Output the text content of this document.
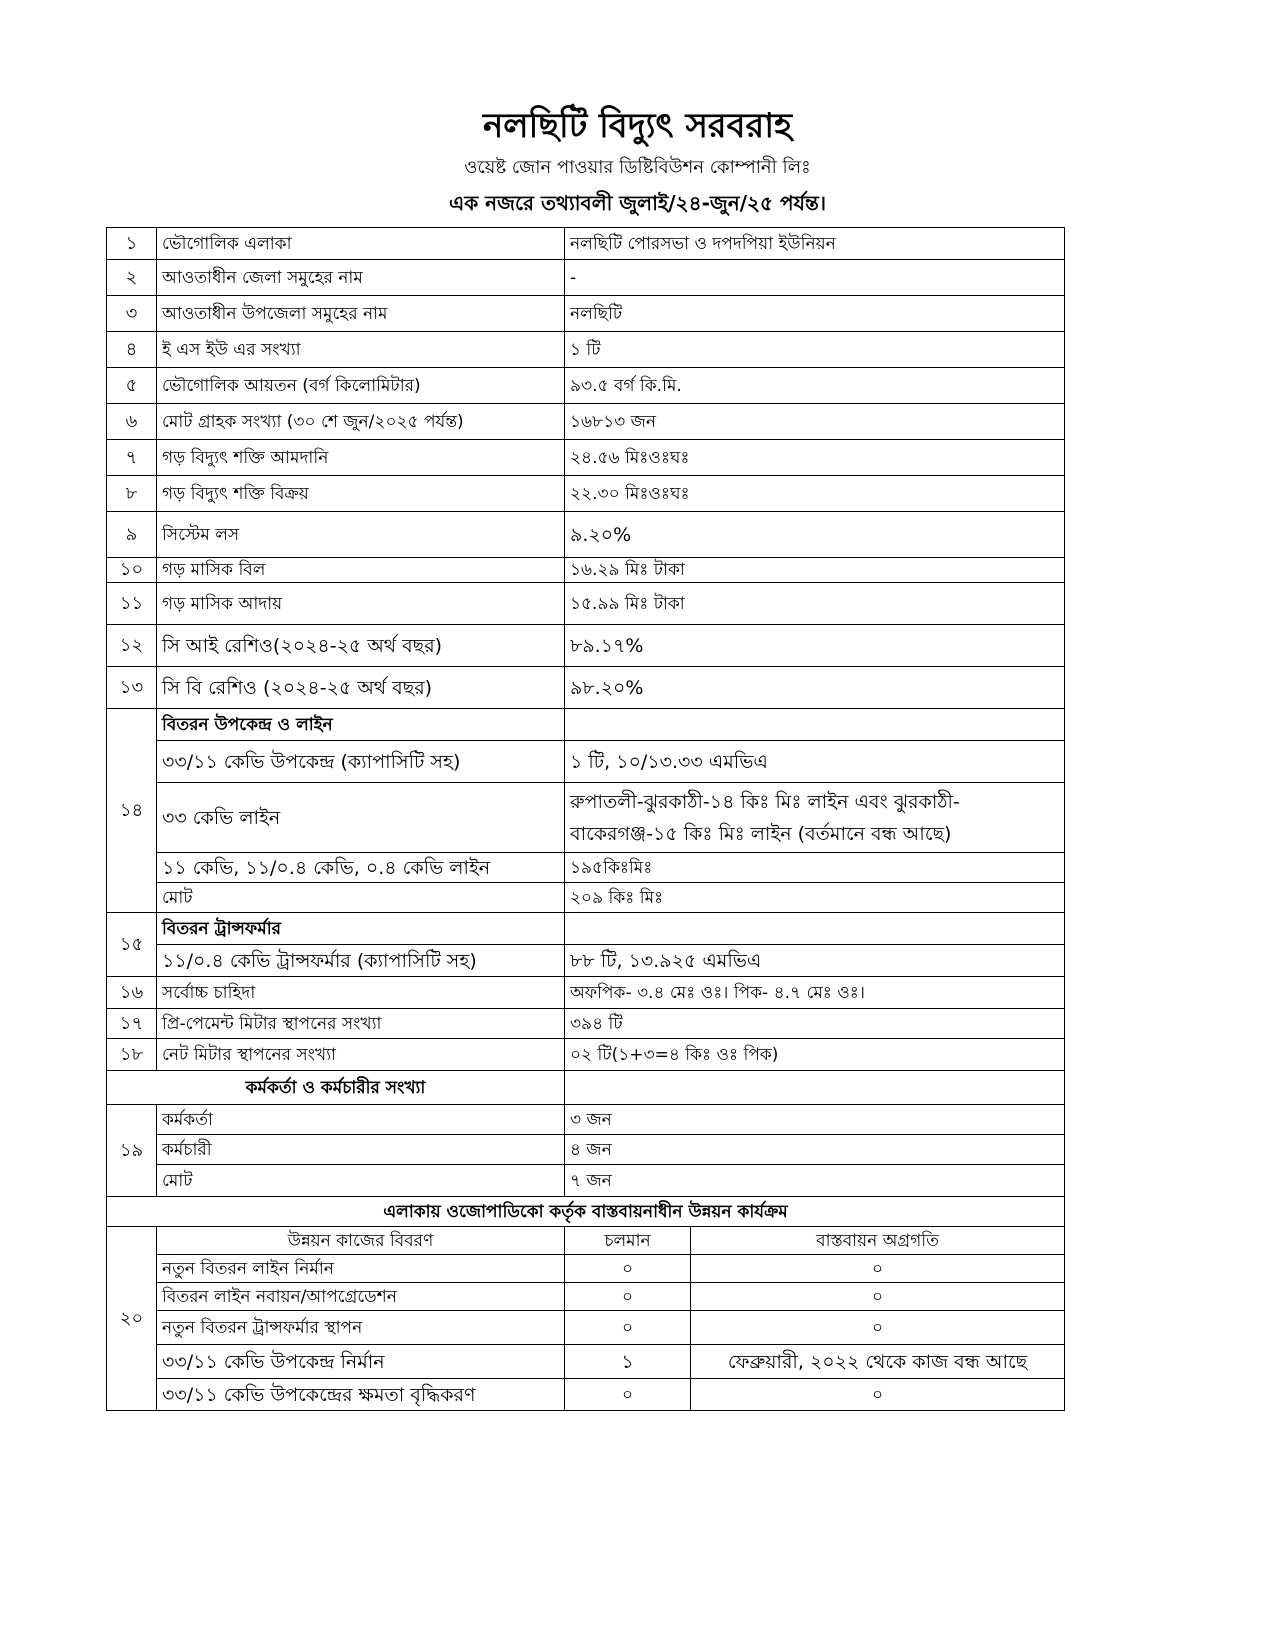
নলছিটি বিদ্যুৎ সরবরাহ
ওয়েষ্ট জোন পাওয়ার ডিষ্টিবিউশন কোম্পানী লিঃ
এক নজরে তথ্যাবলী জুলাই/২৪-জুন/২৫ পর্যন্ত।
১	ভৌগোলিক এলাকা	নলছিটি পোরসভা ও দপদপিয়া ইউনিয়ন	
২	আওতাধীন জেলা সমুহের নাম	-	
৩	আওতাধীন উপজেলা সমুহের নাম	নলছিটি	
৪	ই এস ইউ এর সংখ্যা	১ টি	
৫	ভৌগোলিক আয়তন (বর্গ কিলোমিটার)	৯৩.৫ বর্গ কি.মি.	
৬	মোট গ্রাহক সংখ্যা (৩০ শে জুন/২০২৫ পর্যন্ত)	১৬৮১৩ জন	
৭	গড় বিদ্যুৎ শক্তি আমদানি	২৪.৫৬ মিঃওঃঘঃ	
৮	গড় বিদ্যুৎ শক্তি বিক্রয়	২২.৩০ মিঃওঃঘঃ	
৯	সিস্টেম লস	৯.২০%	
১০	গড় মাসিক বিল	১৬.২৯ মিঃ টাকা	
১১	গড় মাসিক আদায়	১৫.৯৯ মিঃ টাকা	
১২	সি আই রেশিও(২০২৪-২৫ অর্থ বছর)	৮৯.১৭%	
১৩	সি বি রেশিও (২০২৪-২৫ অর্থ বছর)	৯৮.২০%	
১৪	বিতরন উপকেন্দ্র ও লাইন		
	৩৩/১১ কেভি উপকেন্দ্র (ক্যাপাসিটি সহ)	১ টি, ১০/১৩.৩৩ এমভিএ	
	৩৩ কেভি লাইন	রুপাতলী-ঝুরকাঠী-১৪ কিঃ মিঃ লাইন এবং ঝুরকাঠী-
বাকেরগঞ্জ-১৫ কিঃ মিঃ লাইন (বর্তমানে বন্ধ আছে)	

	১১ কেভি, ১১/০.৪ কেভি, ০.৪ কেভি লাইন	১৯৫কিঃমিঃ	
	মোট	২০৯ কিঃ মিঃ	
১৫	বিতরন ট্রান্সফর্মার		
	১১/০.৪ কেভি ট্রান্সফর্মার (ক্যাপাসিটি সহ)	৮৮ টি, ১৩.৯২৫ এমভিএ	
১৬	সর্বোচ্চ চাহিদা	অফপিক- ৩.৪ মেঃ ওঃ। পিক- ৪.৭ মেঃ ওঃ।	
১৭	প্রি-পেমেন্ট মিটার স্থাপনের সংখ্যা	৩৯৪ টি	
১৮	নেট মিটার স্থাপনের সংখ্যা	০২ টি(১+৩=৪ কিঃ ওঃ পিক)	
কর্মকর্তা ও কর্মচারীর সংখ্যা			
১৯	কর্মকর্তা	৩ জন	
	কর্মচারী	৪ জন	
	মোট	৭ জন	
এলাকায় ওজোপাডিকো কর্তৃক বাস্তবায়নাধীন উন্নয়ন কার্যক্রম			
২০	উন্নয়ন কাজের বিবরণ	চলমান	বাস্তবায়ন অগ্রগতি
	নতুন বিতরন লাইন নির্মান	০	০
	বিতরন লাইন নবায়ন/আপগ্রেডেশন	০	০
	নতুন বিতরন ট্রান্সফর্মার স্থাপন	০	০
	৩৩/১১ কেভি উপকেন্দ্র নির্মান	১	ফেব্রুয়ারী, ২০২২ থেকে কাজ বন্ধ আছে
	৩৩/১১ কেভি উপকেন্দ্রের ক্ষমতা বৃদ্ধিকরণ	০	০
